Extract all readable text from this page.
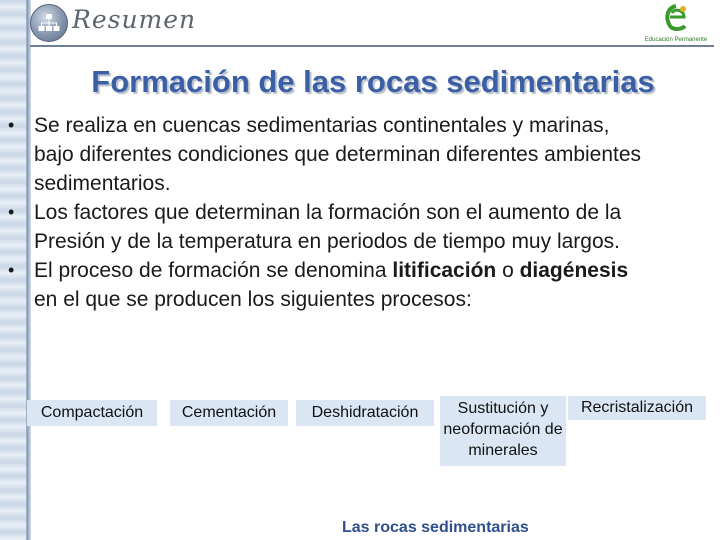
Resumen
Educación Permanente
Formación de las rocas sedimentarias
• Se realiza en cuencas sedimentarias continentales y marinas, bajo diferentes condiciones que determinan diferentes ambientes sedimentarios.
• Los factores que determinan la formación son el aumento de la Presión y de la temperatura en periodos de tiempo muy largos.
• El proceso de formación se denomina litificación o diagénesis en el que se producen los siguientes procesos:
Compactación	Cementación	Deshidratación	Sustitución y neoformación de minerales
Recristalización
Las rocas sedimentarias
